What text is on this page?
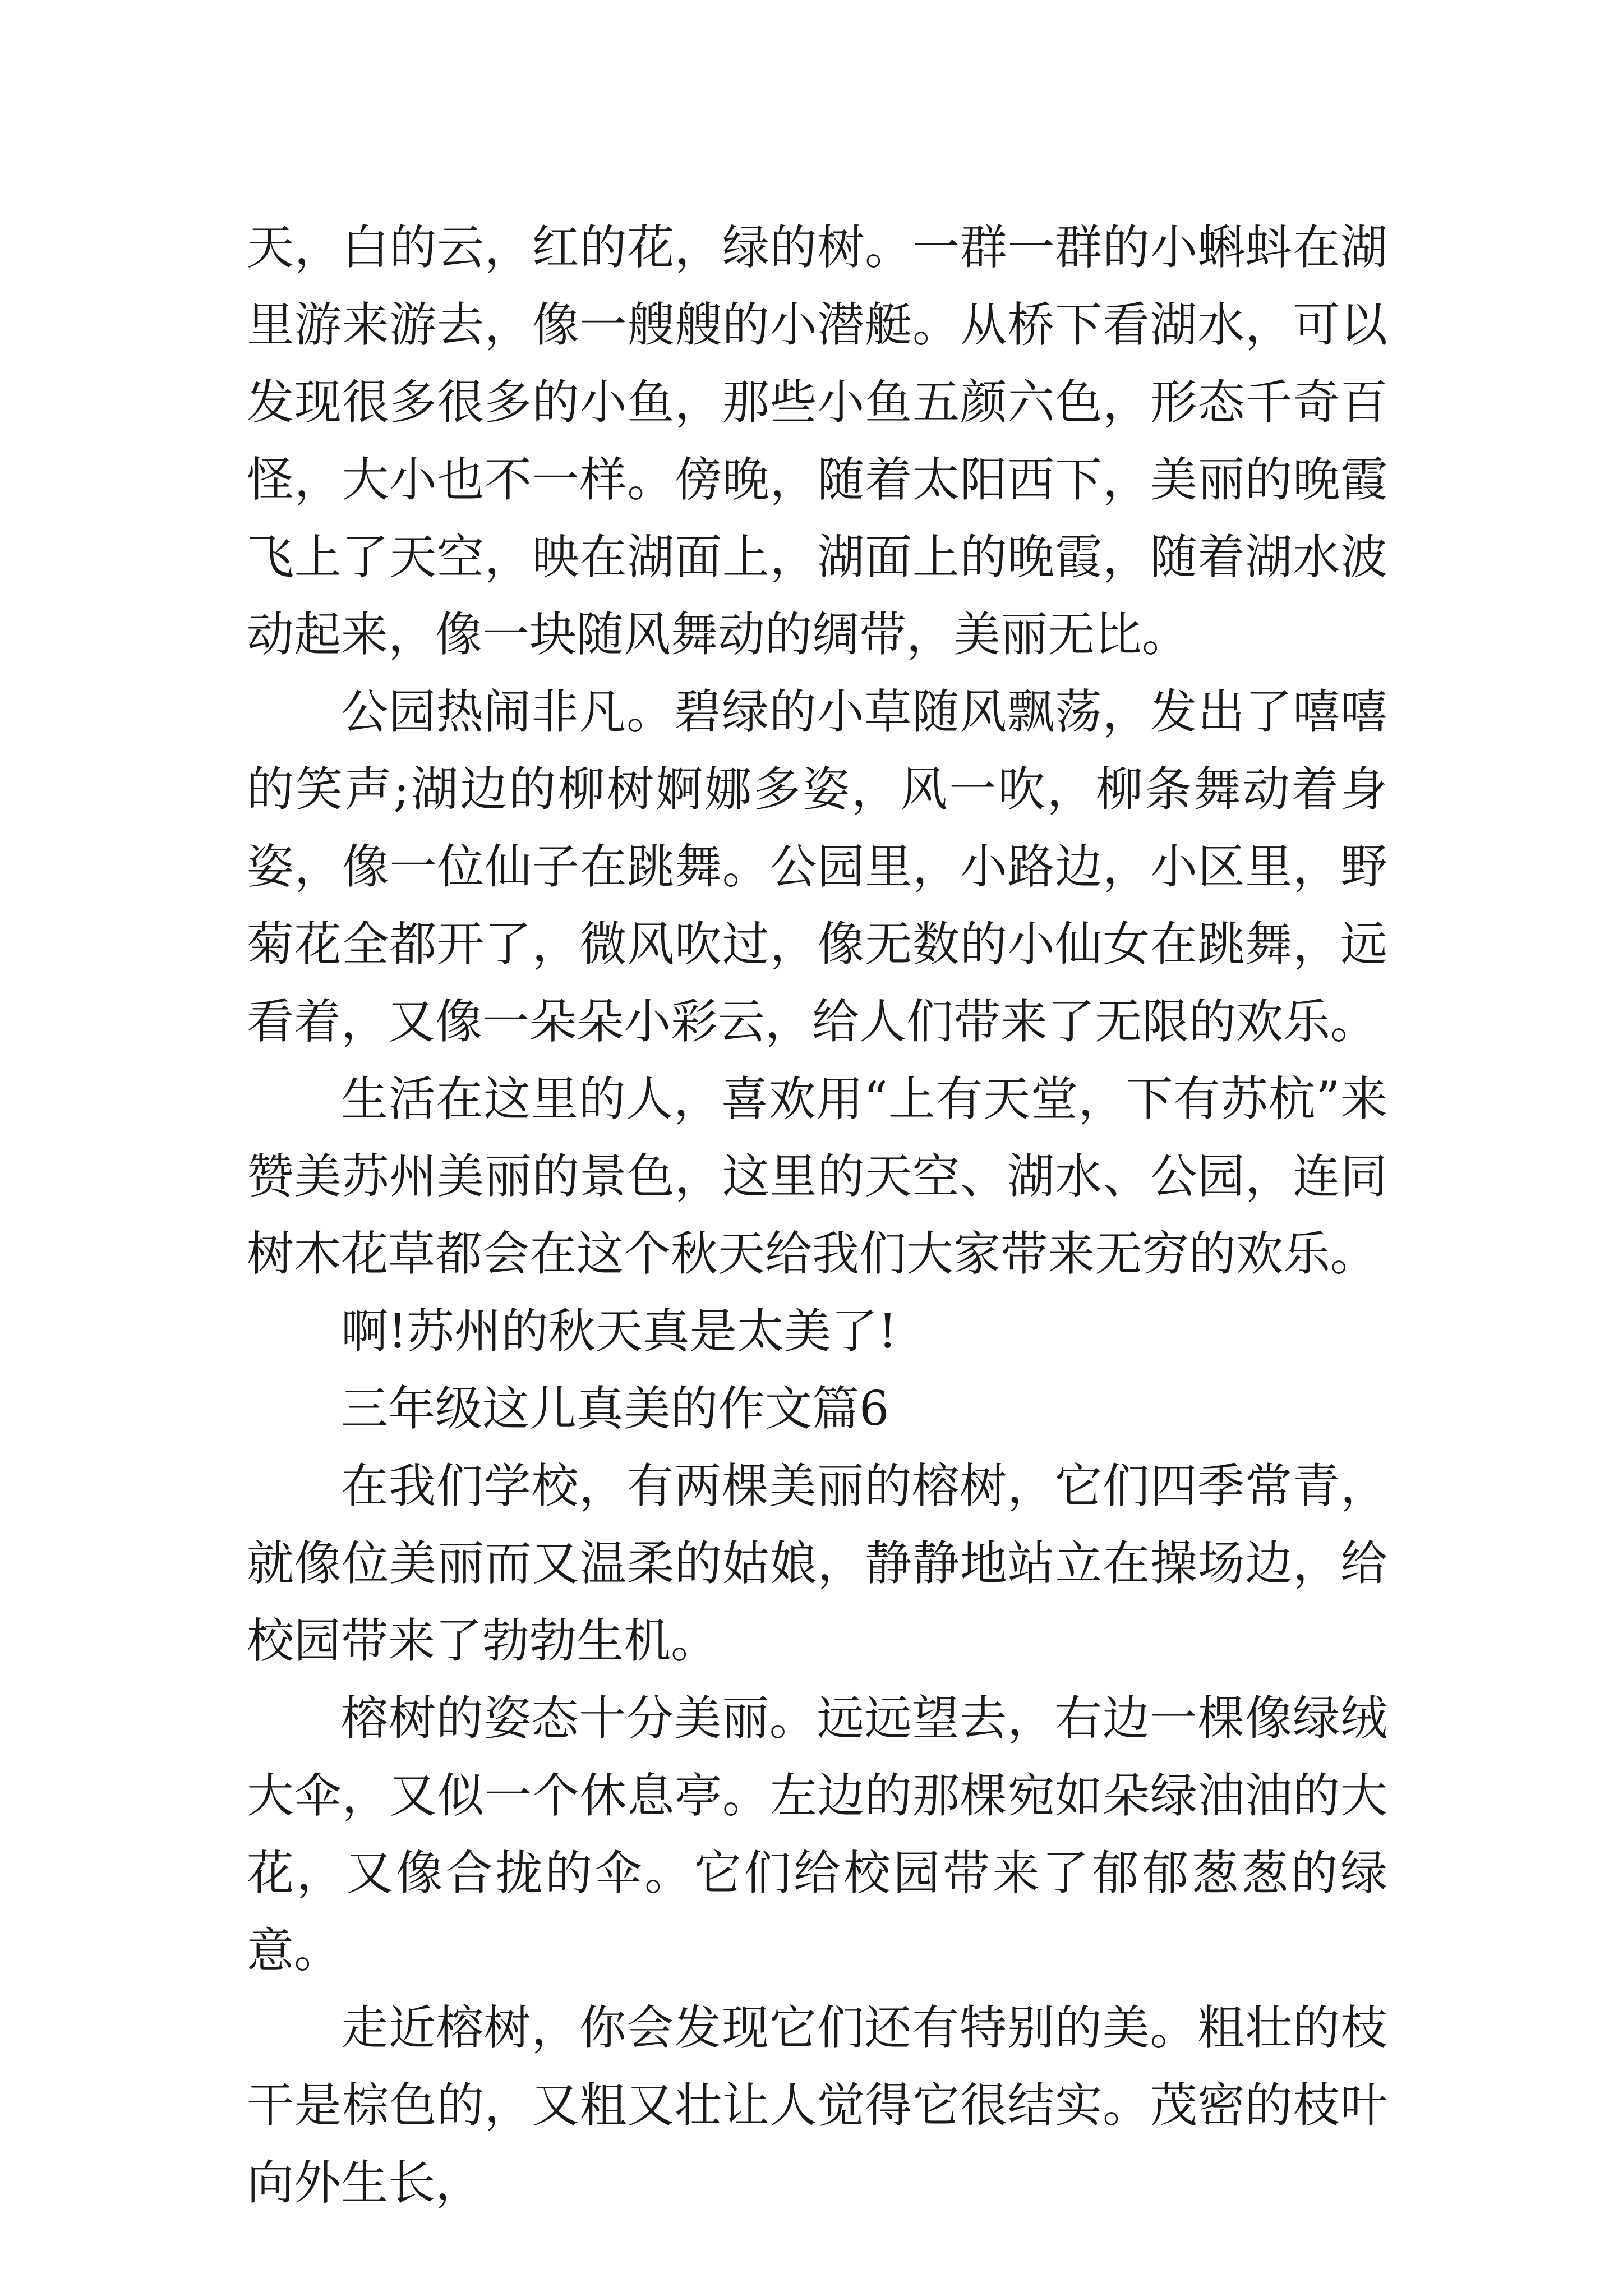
天，白的云，红的花，绿的树。一群一群的小蝌蚪在湖里游来游去，像一艘艘的小潜艇。从桥下看湖水，可以发现很多很多的小鱼，那些小鱼五颜六色，形态千奇百怪，大小也不一样。傍晚，随着太阳西下，美丽的晚霞飞上了天空，映在湖面上，湖面上的晚霞，随着湖水波动起来，像一块随风舞动的绸带，美丽无比。

公园热闹非凡。碧绿的小草随风飘荡，发出了嘻嘻的笑声;湖边的柳树婀娜多姿，风一吹，柳条舞动着身姿，像一位仙子在跳舞。公园里，小路边，小区里，野菊花全都开了，微风吹过，像无数的小仙女在跳舞，远看着，又像一朵朵小彩云，给人们带来了无限的欢乐。

生活在这里的人，喜欢用“上有天堂，下有苏杭”来赞美苏州美丽的景色，这里的天空、湖水、公园，连同树木花草都会在这个秋天给我们大家带来无穷的欢乐。

啊!苏州的秋天真是太美了!

三年级这儿真美的作文篇6

在我们学校，有两棵美丽的榕树，它们四季常青，就像位美丽而又温柔的姑娘，静静地站立在操场边，给校园带来了勃勃生机。

榕树的姿态十分美丽。远远望去，右边一棵像绿绒大伞，又似一个休息亭。左边的那棵宛如朵绿油油的大花，又像合拢的伞。它们给校园带来了郁郁葱葱的绿意。

走近榕树，你会发现它们还有特别的美。粗壮的枝干是棕色的，又粗又壮让人觉得它很结实。茂密的枝叶向外生长，
